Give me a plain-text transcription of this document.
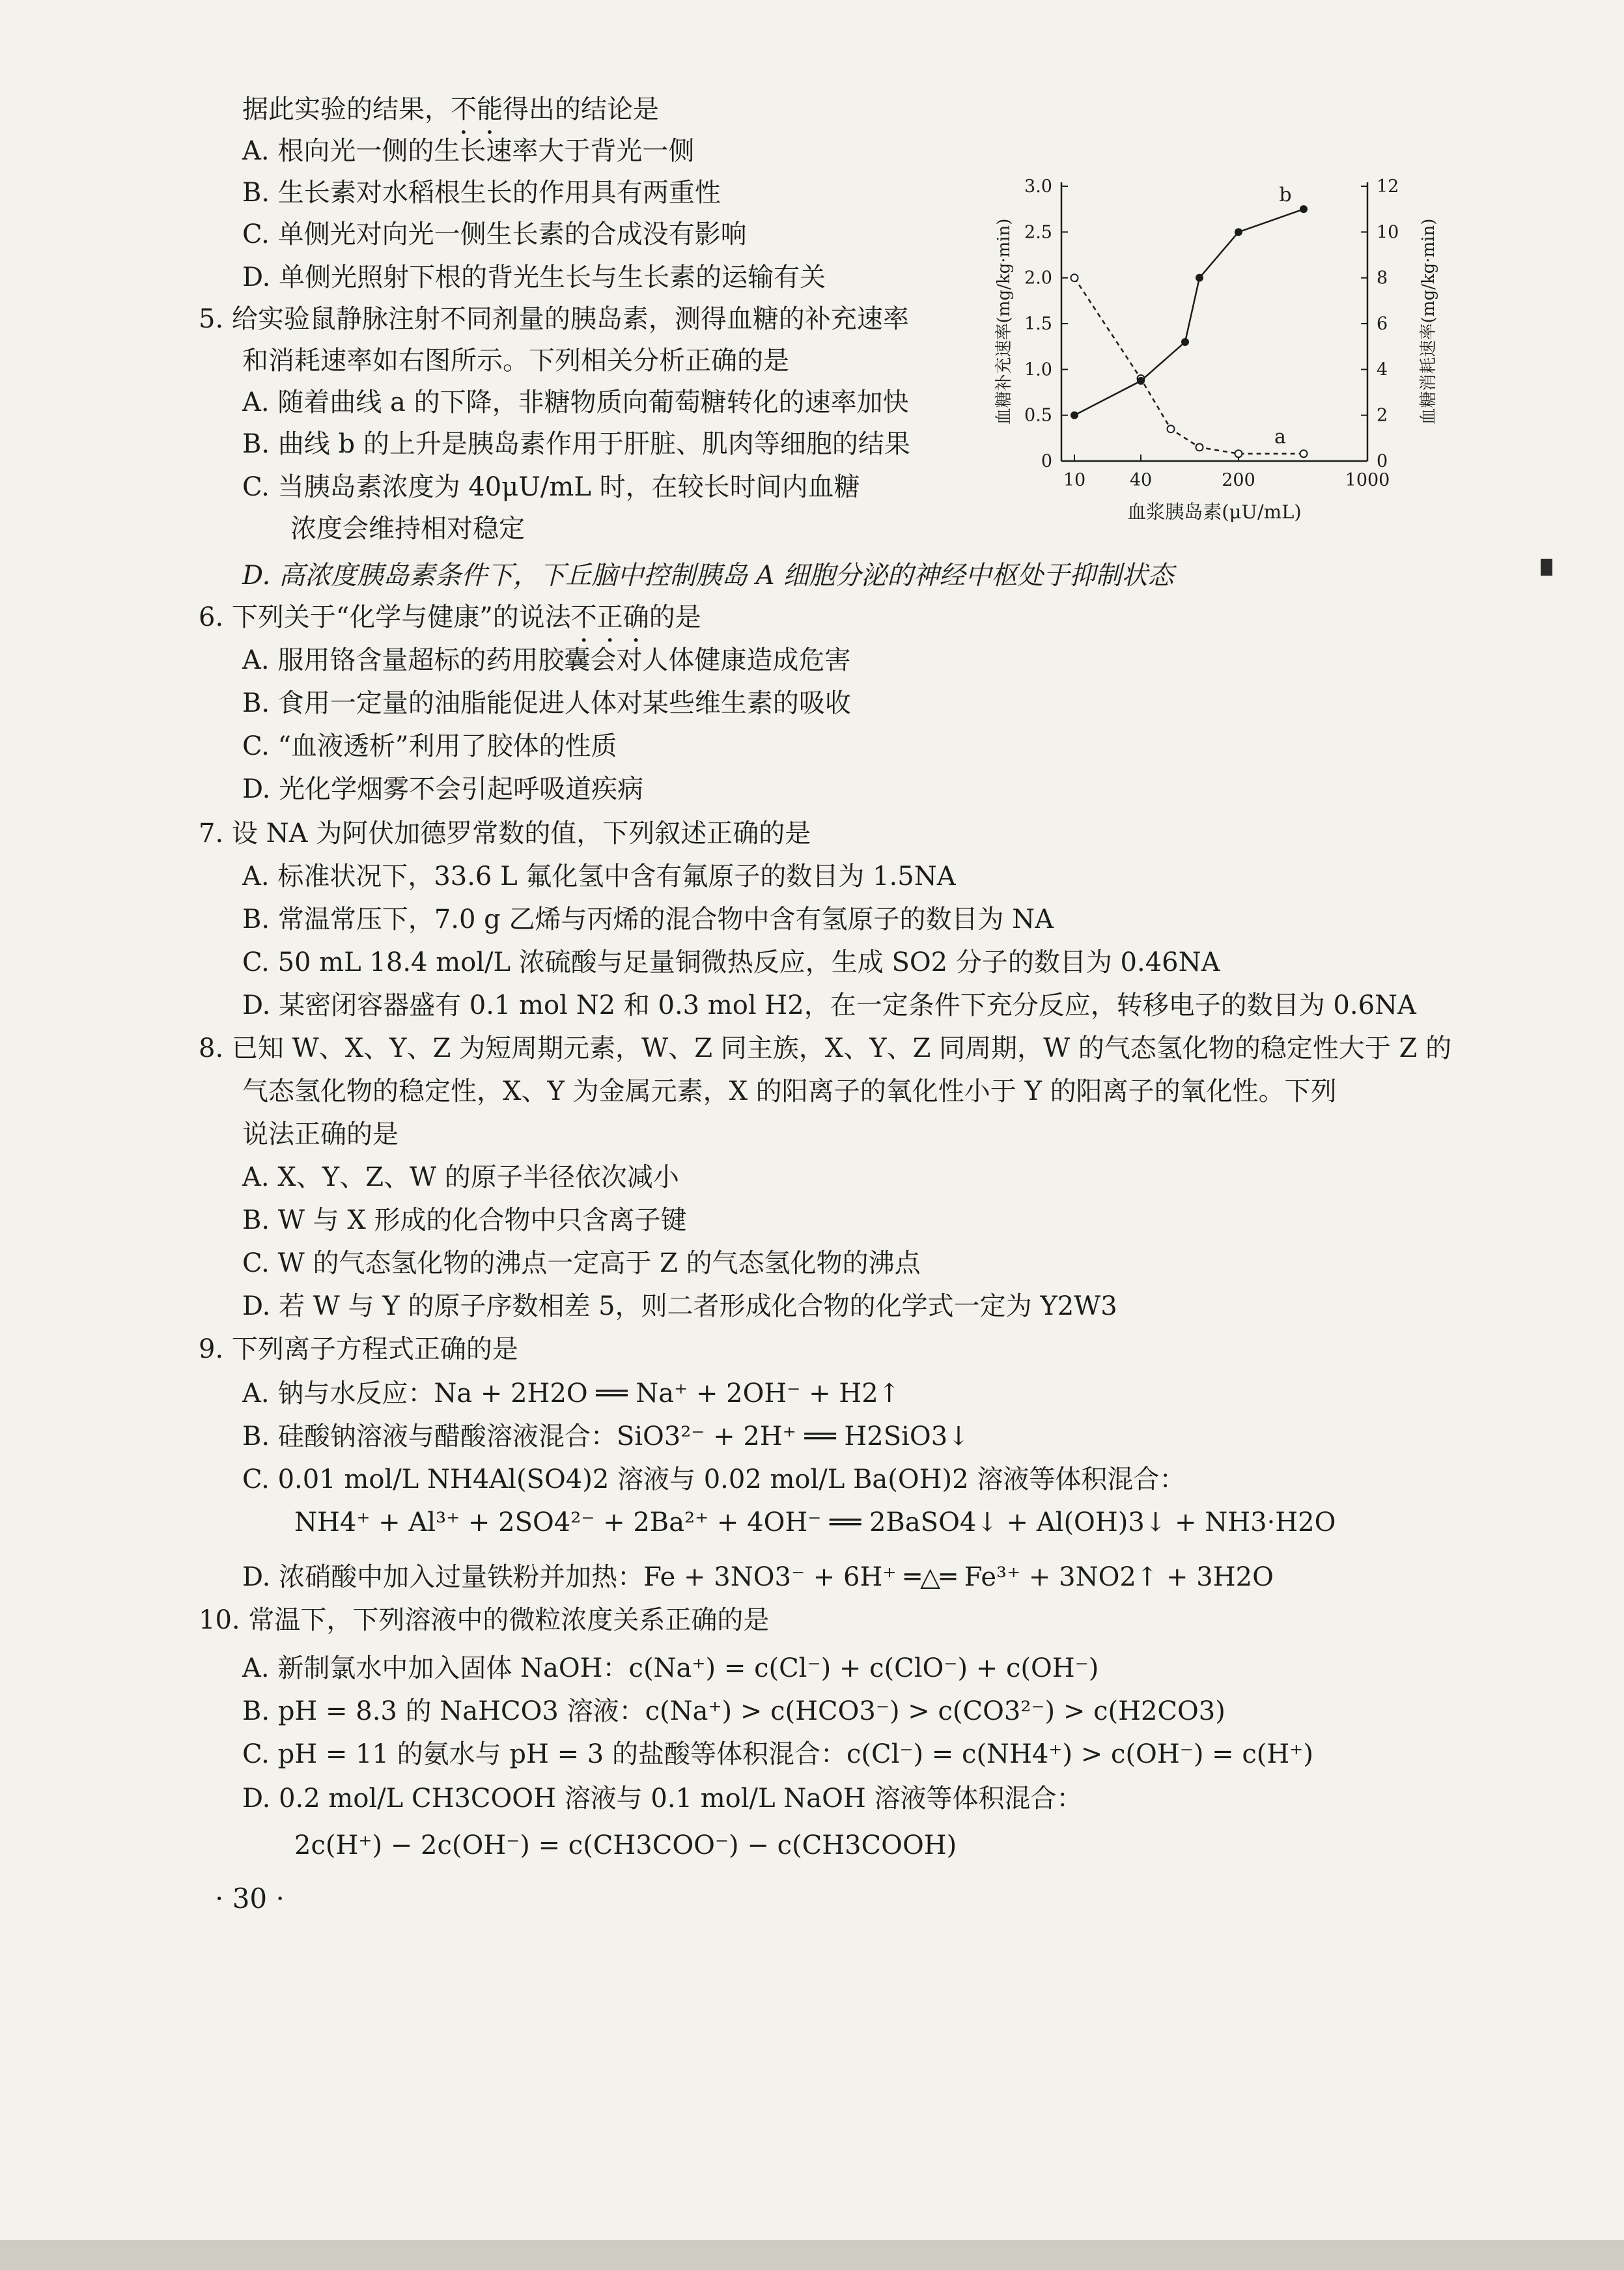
据此实验的结果，不能得出的结论是
A. 根向光一侧的生长速率大于背光一侧
B. 生长素对水稻根生长的作用具有两重性
C. 单侧光对向光一侧生长素的合成没有影响
D. 单侧光照射下根的背光生长与生长素的运输有关
5. 给实验鼠静脉注射不同剂量的胰岛素，测得血糖的补充速率
和消耗速率如右图所示。下列相关分析正确的是
A. 随着曲线 a 的下降，非糖物质向葡萄糖转化的速率加快
B. 曲线 b 的上升是胰岛素作用于肝脏、肌肉等细胞的结果
C. 当胰岛素浓度为 40μU/mL 时，在较长时间内血糖
浓度会维持相对稳定
D. 高浓度胰岛素条件下，下丘脑中控制胰岛 A 细胞分泌的神经中枢处于抑制状态
6. 下列关于“化学与健康”的说法不正确的是
A. 服用铬含量超标的药用胶囊会对人体健康造成危害
B. 食用一定量的油脂能促进人体对某些维生素的吸收
C. “血液透析”利用了胶体的性质
D. 光化学烟雾不会引起呼吸道疾病
7. 设 NA 为阿伏加德罗常数的值，下列叙述正确的是
A. 标准状况下，33.6 L 氟化氢中含有氟原子的数目为 1.5NA
B. 常温常压下，7.0 g 乙烯与丙烯的混合物中含有氢原子的数目为 NA
C. 50 mL 18.4 mol/L 浓硫酸与足量铜微热反应，生成 SO2 分子的数目为 0.46NA
D. 某密闭容器盛有 0.1 mol N2 和 0.3 mol H2，在一定条件下充分反应，转移电子的数目为 0.6NA
8. 已知 W、X、Y、Z 为短周期元素，W、Z 同主族，X、Y、Z 同周期，W 的气态氢化物的稳定性大于 Z 的
气态氢化物的稳定性，X、Y 为金属元素，X 的阳离子的氧化性小于 Y 的阳离子的氧化性。下列
说法正确的是
A. X、Y、Z、W 的原子半径依次减小
B. W 与 X 形成的化合物中只含离子键
C. W 的气态氢化物的沸点一定高于 Z 的气态氢化物的沸点
D. 若 W 与 Y 的原子序数相差 5，则二者形成化合物的化学式一定为 Y2W3
9. 下列离子方程式正确的是
A. 钠与水反应：Na + 2H2O ══ Na⁺ + 2OH⁻ + H2↑
B. 硅酸钠溶液与醋酸溶液混合：SiO3²⁻ + 2H⁺ ══ H2SiO3↓
C. 0.01 mol/L NH4Al(SO4)2 溶液与 0.02 mol/L Ba(OH)2 溶液等体积混合：
NH4⁺ + Al³⁺ + 2SO4²⁻ + 2Ba²⁺ + 4OH⁻ ══ 2BaSO4↓ + Al(OH)3↓ + NH3·H2O
D. 浓硝酸中加入过量铁粉并加热：Fe + 3NO3⁻ + 6H⁺ ═△═ Fe³⁺ + 3NO2↑ + 3H2O
10. 常温下，下列溶液中的微粒浓度关系正确的是
A. 新制氯水中加入固体 NaOH：c(Na⁺) = c(Cl⁻) + c(ClO⁻) + c(OH⁻)
B. pH = 8.3 的 NaHCO3 溶液：c(Na⁺) > c(HCO3⁻) > c(CO3²⁻) > c(H2CO3)
C. pH = 11 的氨水与 pH = 3 的盐酸等体积混合：c(Cl⁻) = c(NH4⁺) > c(OH⁻) = c(H⁺)
D. 0.2 mol/L CH3COOH 溶液与 0.1 mol/L NaOH 溶液等体积混合：
2c(H⁺) − 2c(OH⁻) = c(CH3COO⁻) − c(CH3COOH)
· 30 ·
0
0.5
1.0
1.5
2.0
2.5
3.0
0
2
4
6
8
10
12
10	40	200	1000
a
b
血浆胰岛素(μU/mL)
血糖补充速率(mg/kg·min)	血糖消耗速率(mg/kg·min)
